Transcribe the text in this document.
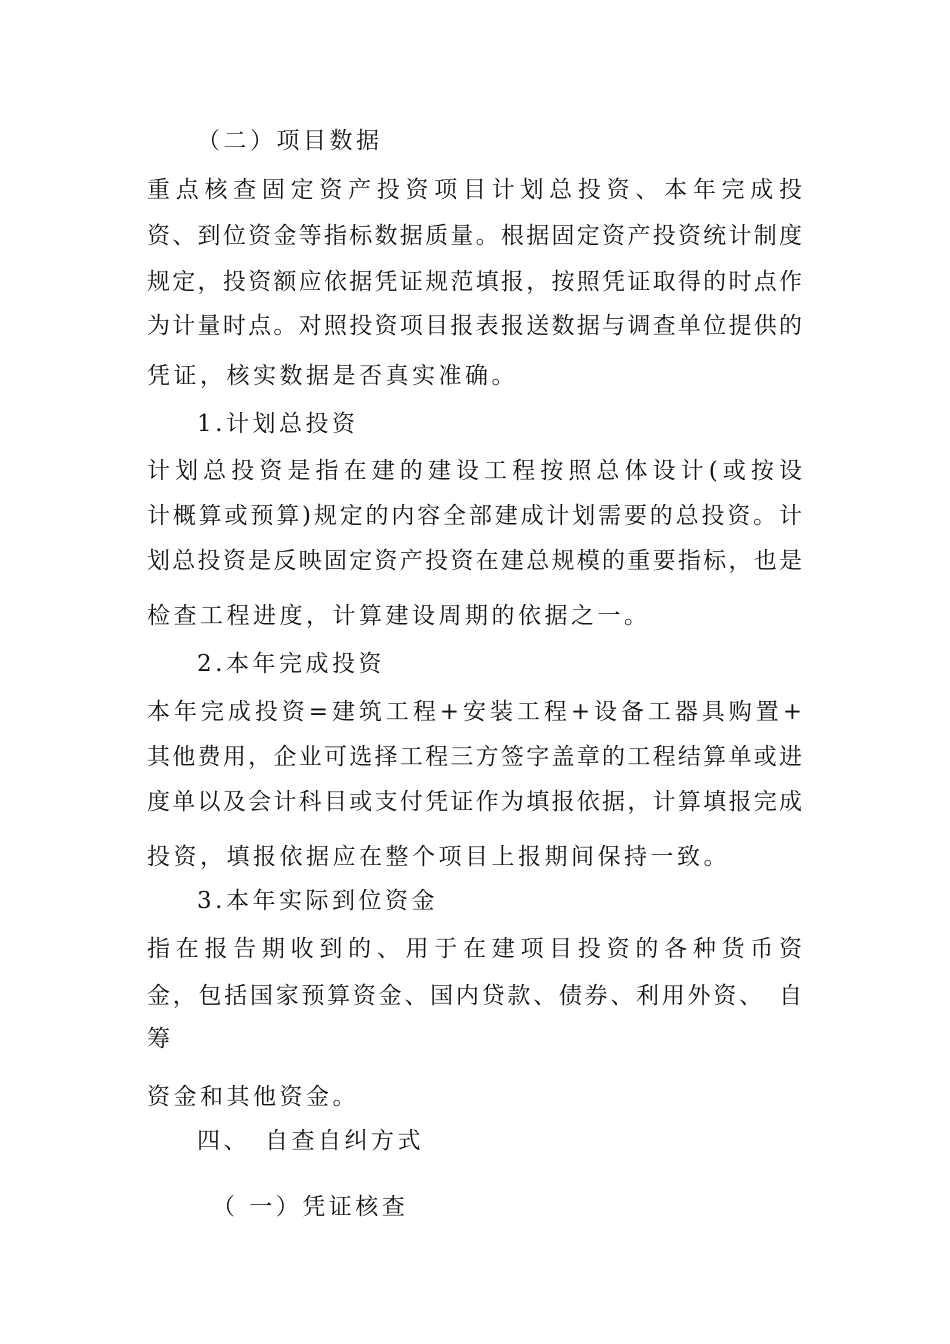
（二）项目数据
重点核查固定资产投资项目计划总投资、本年完成投
资、到位资金等指标数据质量。根据固定资产投资统计制度
规定，投资额应依据凭证规范填报，按照凭证取得的时点作
为计量时点。对照投资项目报表报送数据与调查单位提供的
凭证，核实数据是否真实准确。
1.计划总投资
计划总投资是指在建的建设工程按照总体设计(或按设
计概算或预算)规定的内容全部建成计划需要的总投资。计
划总投资是反映固定资产投资在建总规模的重要指标，也是
检查工程进度，计算建设周期的依据之一。
2.本年完成投资
本年完成投资=建筑工程+安装工程+设备工器具购置+
其他费用，企业可选择工程三方签字盖章的工程结算单或进
度单以及会计科目或支付凭证作为填报依据，计算填报完成
投资，填报依据应在整个项目上报期间保持一致。
3.本年实际到位资金
指在报告期收到的、用于在建项目投资的各种货币资
金，包括国家预算资金、国内贷款、债券、利用外资、　自
筹
资金和其他资金。
四、　自查自纠方式
（ 一）凭证核查
